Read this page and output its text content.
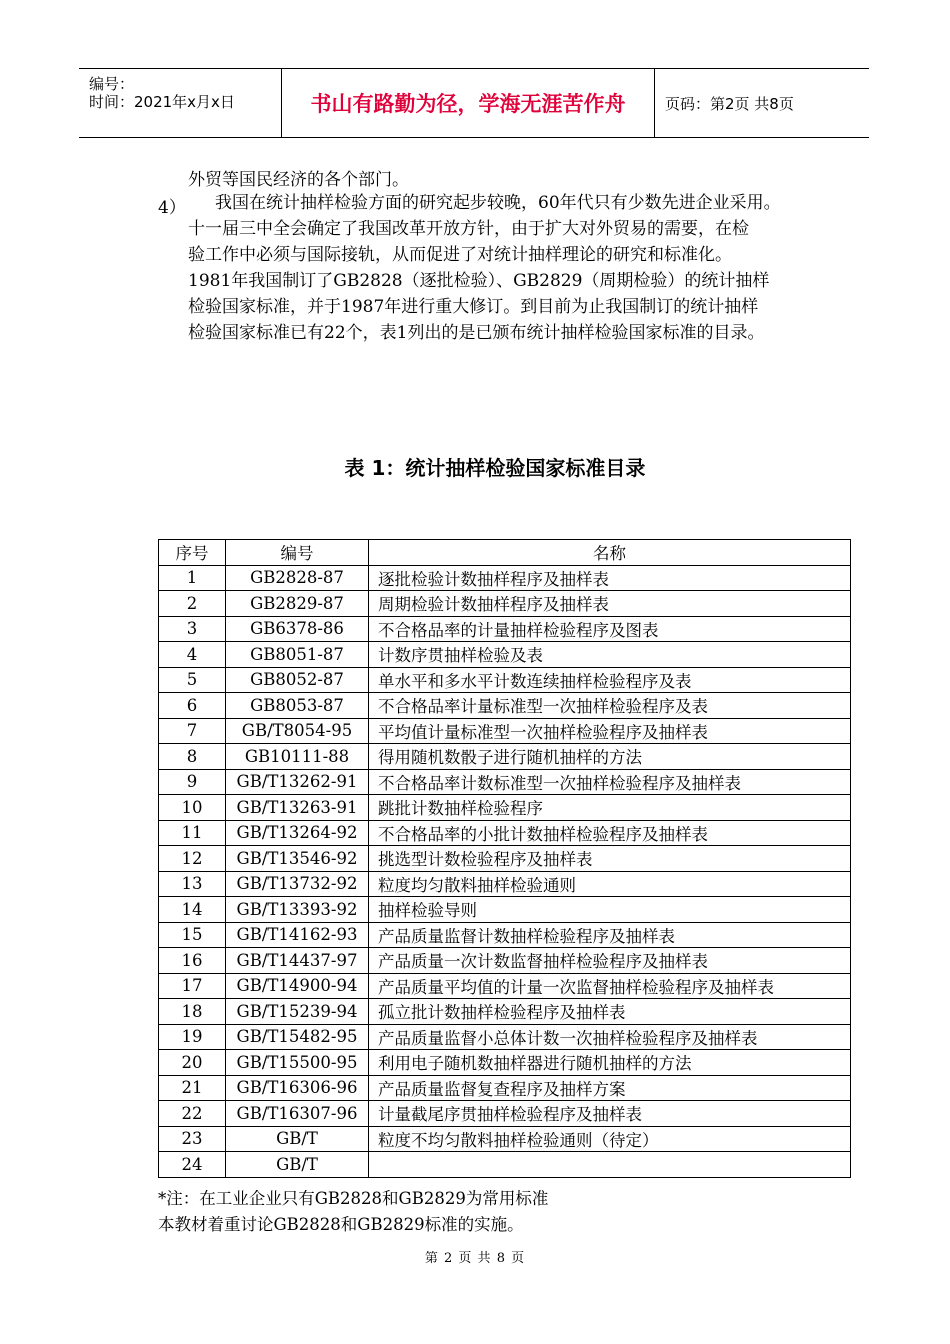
编号：
时间：2021年x月x日	书山有路勤为径，学海无涯苦作舟	页码：第2页 共8页
外贸等国民经济的各个部门。
4） 我国在统计抽样检验方面的研究起步较晚，60年代只有少数先进企业采用。
十一届三中全会确定了我国改革开放方针，由于扩大对外贸易的需要，在检
验工作中必须与国际接轨，从而促进了对统计抽样理论的研究和标准化。
1981年我国制订了GB2828（逐批检验）、GB2829（周期检验）的统计抽样
检验国家标准，并于1987年进行重大修订。到目前为止我国制订的统计抽样
检验国家标准已有22个，表1列出的是已颁布统计抽样检验国家标准的目录。
表 1：统计抽样检验国家标准目录
序号	编号	名称
1	GB2828-87	逐批检验计数抽样程序及抽样表
2	GB2829-87	周期检验计数抽样程序及抽样表
3	GB6378-86	不合格品率的计量抽样检验程序及图表
4	GB8051-87	计数序贯抽样检验及表
5	GB8052-87	单水平和多水平计数连续抽样检验程序及表
6	GB8053-87	不合格品率计量标准型一次抽样检验程序及表
7	GB/T8054-95	平均值计量标准型一次抽样检验程序及抽样表
8	GB10111-88	得用随机数骰子进行随机抽样的方法
9	GB/T13262-91	不合格品率计数标准型一次抽样检验程序及抽样表
10	GB/T13263-91	跳批计数抽样检验程序
11	GB/T13264-92	不合格品率的小批计数抽样检验程序及抽样表
12	GB/T13546-92	挑选型计数检验程序及抽样表
13	GB/T13732-92	粒度均匀散料抽样检验通则
14	GB/T13393-92	抽样检验导则
15	GB/T14162-93	产品质量监督计数抽样检验程序及抽样表
16	GB/T14437-97	产品质量一次计数监督抽样检验程序及抽样表
17	GB/T14900-94	产品质量平均值的计量一次监督抽样检验程序及抽样表
18	GB/T15239-94	孤立批计数抽样检验程序及抽样表
19	GB/T15482-95	产品质量监督小总体计数一次抽样检验程序及抽样表
20	GB/T15500-95	利用电子随机数抽样器进行随机抽样的方法
21	GB/T16306-96	产品质量监督复查程序及抽样方案
22	GB/T16307-96	计量截尾序贯抽样检验程序及抽样表
23	GB/T	粒度不均匀散料抽样检验通则（待定）
24	GB/T	
*注：在工业企业只有GB2828和GB2829为常用标准
本教材着重讨论GB2828和GB2829标准的实施。
第 2 页 共 8 页
